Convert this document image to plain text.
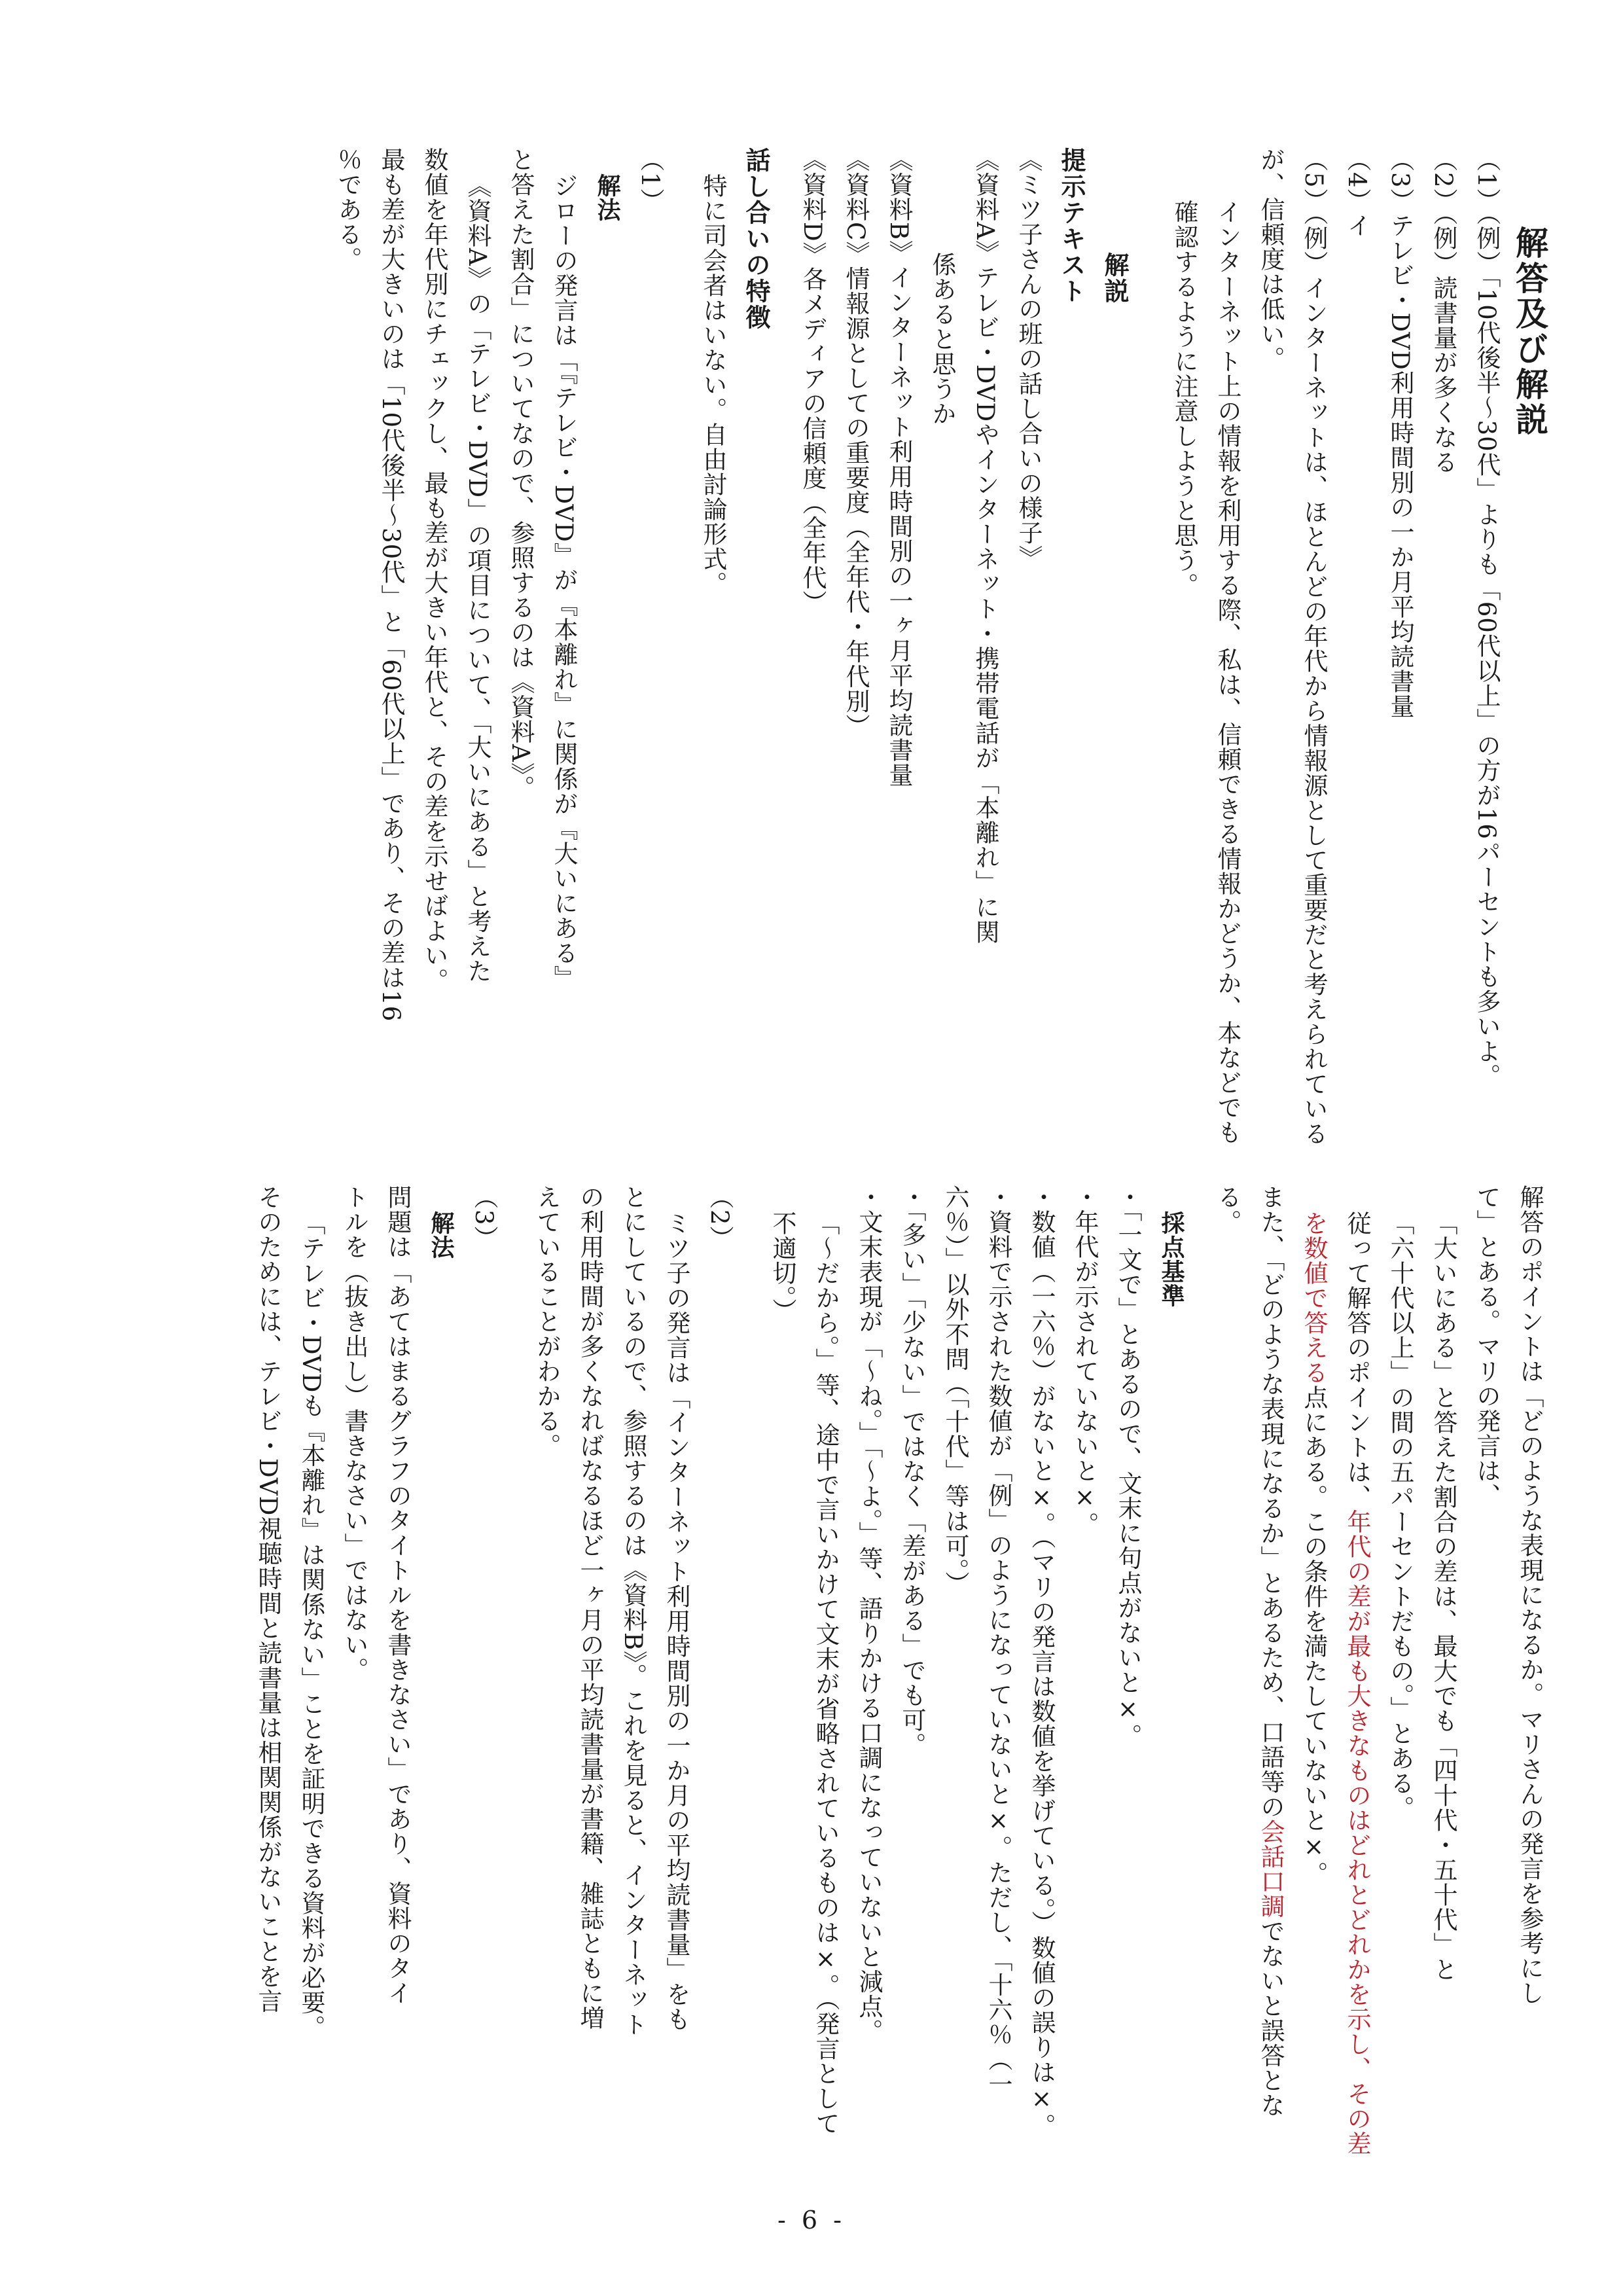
解答及び解説
（1）（例）「10代後半〜30代」よりも「60代以上」の方が16パーセントも多いよ。
（2）（例）読書量が多くなる
（3）テレビ・DVD利用時間別の一か月平均読書量
（4）イ
（5）（例）インターネットは、ほとんどの年代から情報源として重要だと考えられているが、信頼度は低い。
インターネット上の情報を利用する際、私は、信頼できる情報かどうか、本などでも確認するように注意しようと思う。
解説
提示テキスト
《ミツ子さんの班の話し合いの様子》
《資料A》テレビ・DVDやインターネット・携帯電話が「本離れ」に関
係あると思うか
《資料B》インターネット利用時間別の一ヶ月平均読書量
《資料C》情報源としての重要度（全年代・年代別）
《資料D》各メディアの信頼度（全年代）
話し合いの特徴
特に司会者はいない。自由討論形式。
（1）
解法
ジローの発言は「『テレビ・DVD』が『本離れ』に関係が『大いにある』
と答えた割合」についてなので、参照するのは《資料A》。
《資料A》の「テレビ・DVD」の項目について、「大いにある」と考えた
数値を年代別にチェックし、最も差が大きい年代と、その差を示せばよい。
最も差が大きいのは「10代後半〜30代」と「60代以上」であり、その差は16
％である。
解答のポイントは「どのような表現になるか。マリさんの発言を参考にし
て」とある。マリの発言は、
「大いにある」と答えた割合の差は、最大でも「四十代・五十代」と
「六十代以上」の間の五パーセントだもの。」とある。
従って解答のポイントは、年代の差が最も大きなものはどれとどれかを示し、その差を数値で答える点にある。この条件を満たしていないと×。
また、「どのような表現になるか」とあるため、口語等の会話口調でないと誤答となる。
採点基準
・「一文で」とあるので、文末に句点がないと×。
・年代が示されていないと×。
・数値（一六％）がないと×。（マリの発言は数値を挙げている。）数値の誤りは×。
・資料で示された数値が「例」のようになっていないと×。ただし、「十六％（一六％）」以外不問（「十代」等は可。）
・「多い」「少ない」ではなく「差がある」でも可。
・文末表現が「〜ね。」「〜よ。」等、語りかける口調になっていないと減点。
「〜だから。」等、途中で言いかけて文末が省略されているものは×。（発言として不適切。）
（2）
ミツ子の発言は「インターネット利用時間別の一か月の平均読書量」をも
とにしているので、参照するのは《資料B》。これを見ると、インターネット
の利用時間が多くなればなるほど一ヶ月の平均読書量が書籍、雑誌ともに増
えていることがわかる。
（3）
解法
問題は「あてはまるグラフのタイトルを書きなさい」であり、資料のタイ
トルを（抜き出し）書きなさい」ではない。
「テレビ・DVDも『本離れ』は関係ない」ことを証明できる資料が必要。
そのためには、テレビ・DVD視聴時間と読書量は相関関係がないことを言
- 6 -
